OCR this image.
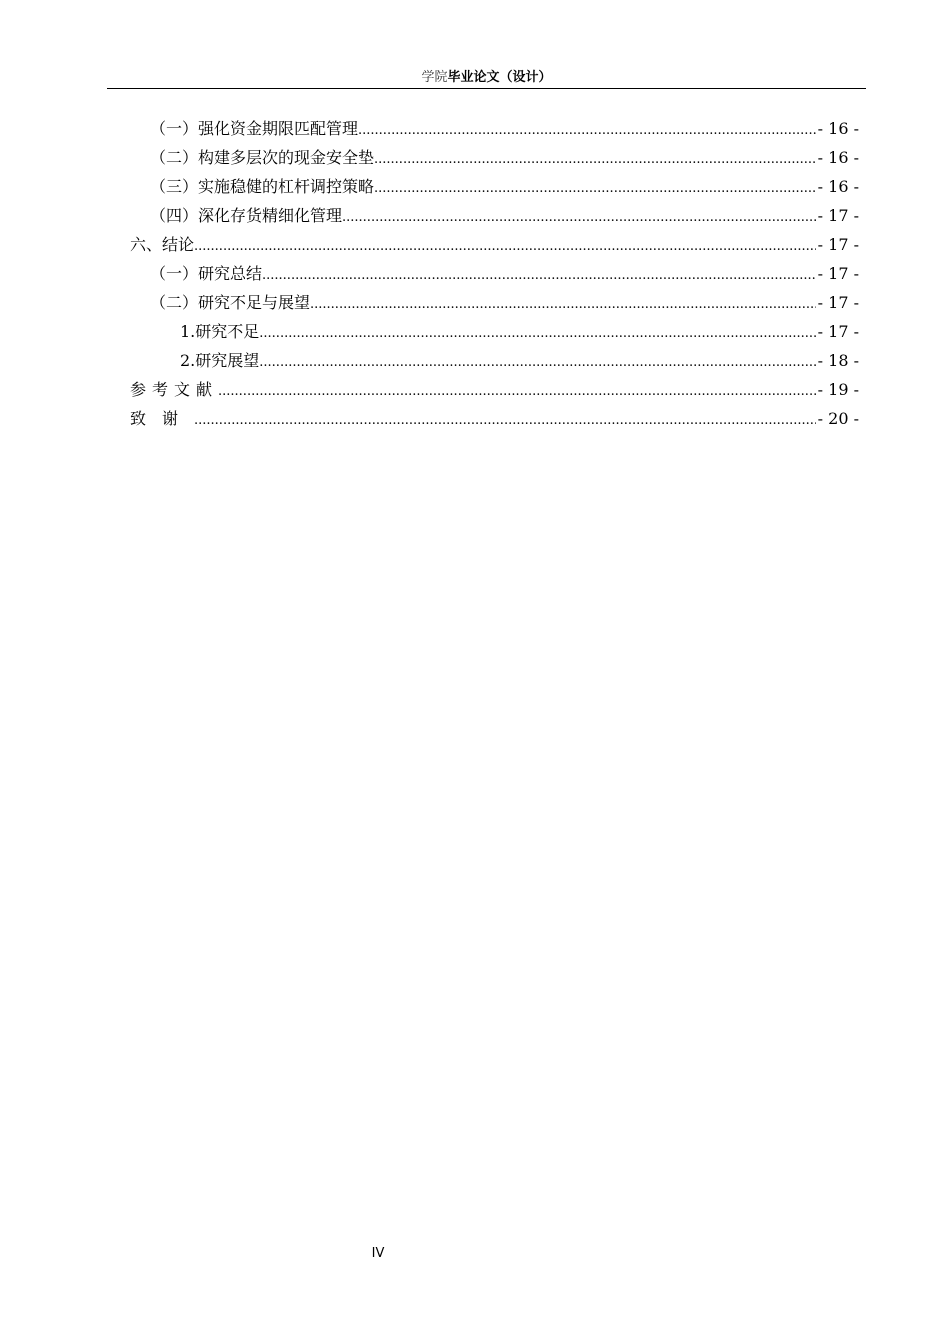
学院毕业论文（设计）
（一）强化资金期限匹配管理 .....	- 16 -
（二）构建多层次的现金安全垫 .....	- 16 -
（三）实施稳健的杠杆调控策略 .....	- 16 -
（四）深化存货精细化管理 .....	- 17 -
六、结论 .....	- 17 -
（一）研究总结 .....	- 17 -
（二）研究不足与展望 .....	- 17 -
1.研究不足 .....	- 17 -
2.研究展望 .....	- 18 -
参考文献 .....	- 19 -
致谢 .....	- 20 -
IV
